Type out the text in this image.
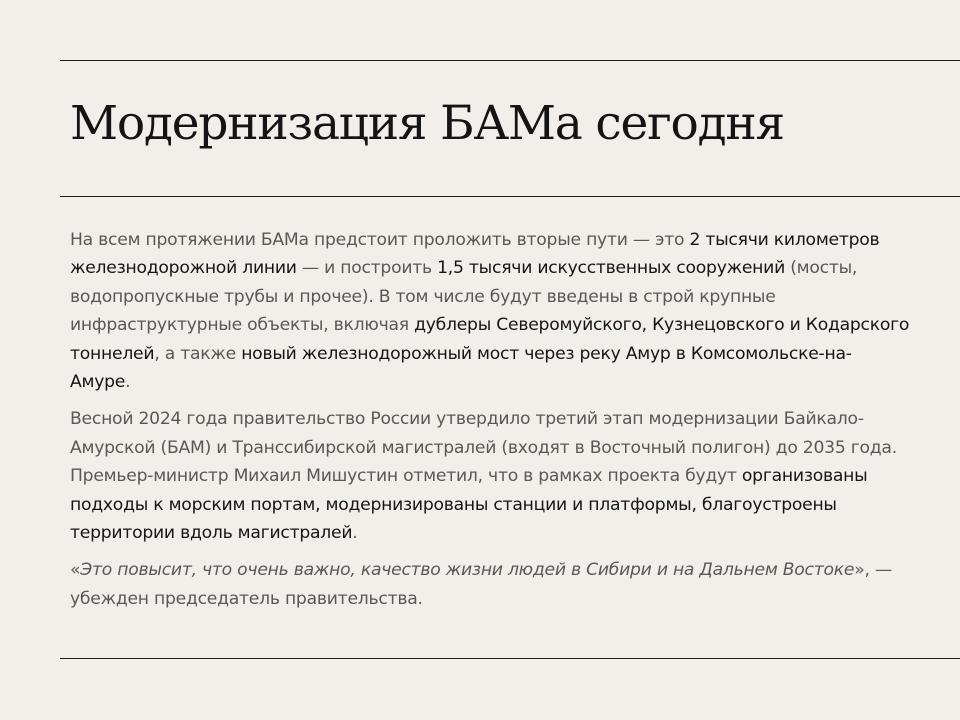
Модернизация БАМа сегодня

На всем протяжении БАМа предстоит проложить вторые пути — это 2 тысячи километров железнодорожной линии — и построить 1,5 тысячи искусственных сооружений (мосты, водопропускные трубы и прочее). В том числе будут введены в строй крупные инфраструктурные объекты, включая дублеры Северомуйского, Кузнецовского и Кодарского тоннелей, а также новый железнодорожный мост через реку Амур в Комсомольске-на-Амуре.

Весной 2024 года правительство России утвердило третий этап модернизации Байкало-Амурской (БАМ) и Транссибирской магистралей (входят в Восточный полигон) до 2035 года. Премьер-министр Михаил Мишустин отметил, что в рамках проекта будут организованы подходы к морским портам, модернизированы станции и платформы, благоустроены территории вдоль магистралей.

«Это повысит, что очень важно, качество жизни людей в Сибири и на Дальнем Востоке», — убежден председатель правительства.
